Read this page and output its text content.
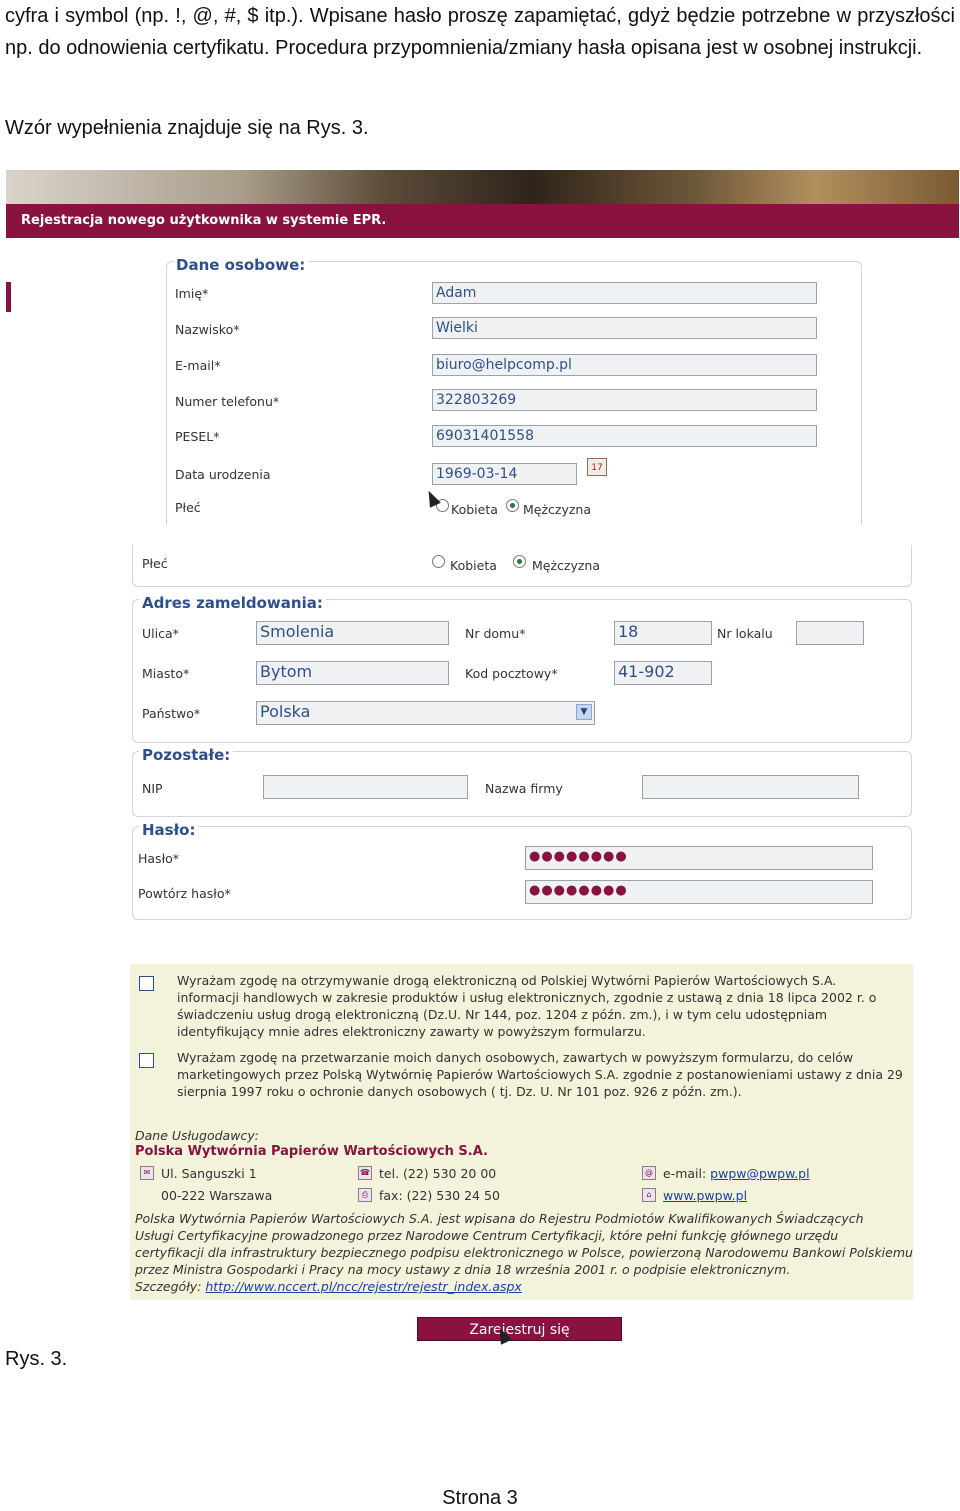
cyfra i symbol (np. !, @, #, $ itp.). Wpisane hasło proszę zapamiętać, gdyż będzie potrzebne w przyszłości np. do odnowienia certyfikatu. Procedura przypomnienia/zmiany hasła opisana jest w osobnej instrukcji.

Wzór wypełnienia znajduje się na Rys. 3.

Rejestracja nowego użytkownika w systemie EPR.
Dane osobowe:
Imię*	Adam
Nazwisko*	Wielki
E-mail*	biuro@helpcomp.pl
Numer telefonu*	322803269
PESEL*	69031401558
Data urodzenia	1969-03-14	17
Płeć	Kobieta Mężczyzna
Płeć	Kobieta	Mężczyzna
Adres zameldowania:
Ulica*	Smolenia	Nr domu*	18	Nr lokalu
Miasto*	Bytom	Kod pocztowy*	41-902
Państwo*	Polska	▼
Pozostałe:
NIP	Nazwa firmy
Hasło:
Hasło*	●●●●●●●●
Powtórz hasło*	●●●●●●●●

Wyrażam zgodę na otrzymywanie drogą elektroniczną od Polskiej Wytwórni Papierów Wartościowych S.A.

informacji handlowych w zakresie produktów i usług elektronicznych, zgodnie z ustawą z dnia 18 lipca 2002 r. o

świadczeniu usług drogą elektroniczną (Dz.U. Nr 144, poz. 1204 z późn. zm.), i w tym celu udostępniam

identyfikujący mnie adres elektroniczny zawarty w powyższym formularzu.

Wyrażam zgodę na przetwarzanie moich danych osobowych, zawartych w powyższym formularzu, do celów

marketingowych przez Polską Wytwórnię Papierów Wartościowych S.A. zgodnie z postanowieniami ustawy z dnia 29

sierpnia 1997 roku o ochronie danych osobowych ( tj. Dz. U. Nr 101 poz. 926 z późn. zm.).

Dane Usługodawcy:

Polska Wytwórnia Papierów Wartościowych S.A.
✉ Ul. Sanguszki 1

00-222 Warszawa

☎ tel. (22) 530 20 00

⎙ fax: (22) 530 24 50

@ e-mail: pwpw@pwpw.pl

⌂ www.pwpw.pl

Polska Wytwórnia Papierów Wartościowych S.A. jest wpisana do Rejestru Podmiotów Kwalifikowanych Świadczących

Usługi Certyfikacyjne prowadzonego przez Narodowe Centrum Certyfikacji, które pełni funkcję głównego urzędu

certyfikacji dla infrastruktury bezpiecznego podpisu elektronicznego w Polsce, powierzoną Narodowemu Bankowi Polskiemu

przez Ministra Gospodarki i Pracy na mocy ustawy z dnia 18 września 2001 r. o podpisie elektronicznym.

Szczegóły: http://www.nccert.pl/ncc/rejestr/rejestr_index.aspx

Zarejestruj się
Rys. 3.
Strona 3
